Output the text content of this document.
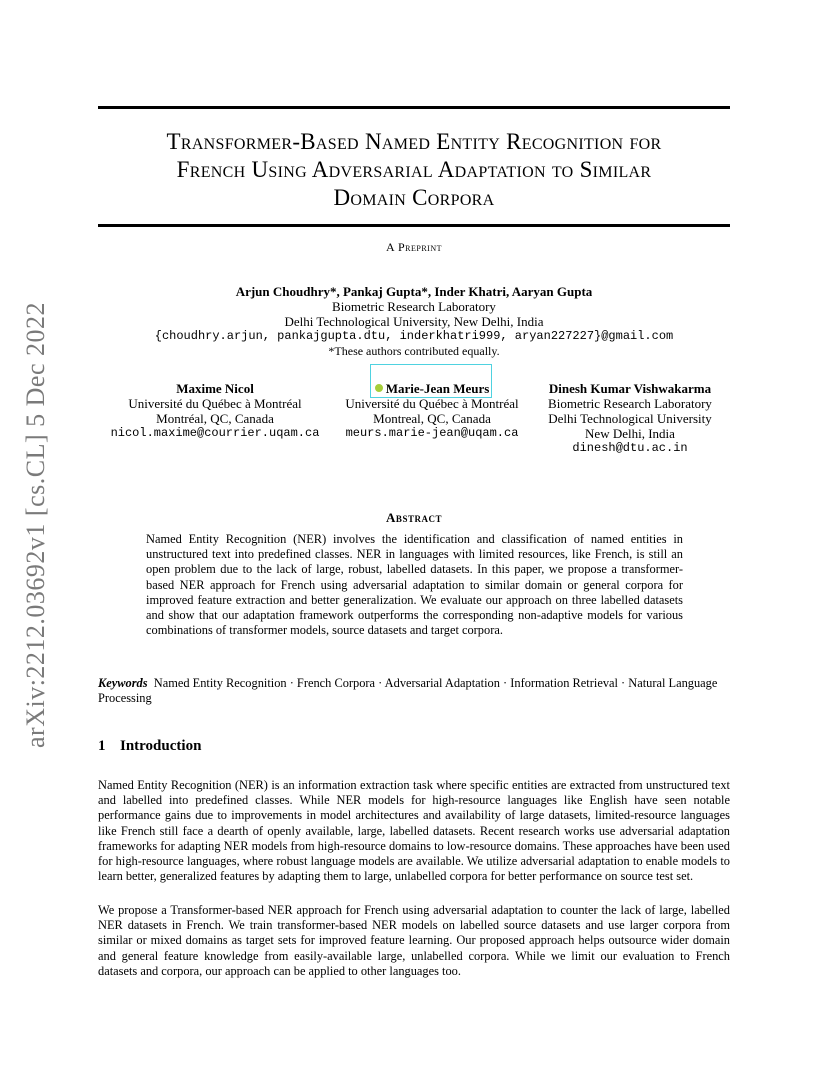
arXiv:2212.03692v1 [cs.CL] 5 Dec 2022
Transformer-Based Named Entity Recognition for
French Using Adversarial Adaptation to Similar
Domain Corpora
A Preprint
Arjun Choudhry*, Pankaj Gupta*, Inder Khatri, Aaryan Gupta
Biometric Research Laboratory
Delhi Technological University, New Delhi, India
{choudhry.arjun, pankajgupta.dtu, inderkhatri999, aryan227227}@gmail.com
*These authors contributed equally.
Maxime Nicol
Université du Québec à Montréal
Montréal, QC, Canada
nicol.maxime@courrier.uqam.ca
Marie-Jean Meurs
Université du Québec à Montréal
Montreal, QC, Canada
meurs.marie-jean@uqam.ca
Dinesh Kumar Vishwakarma
Biometric Research Laboratory
Delhi Technological University
New Delhi, India
dinesh@dtu.ac.in
Abstract
Named Entity Recognition (NER) involves the identification and classification of named entities in unstructured text into predefined classes. NER in languages with limited resources, like French, is still an open problem due to the lack of large, robust, labelled datasets. In this paper, we propose a transformer-based NER approach for French using adversarial adaptation to similar domain or general corpora for improved feature extraction and better generalization. We evaluate our approach on three labelled datasets and show that our adaptation framework outperforms the corresponding non-adaptive models for various combinations of transformer models, source datasets and target corpora.
Keywords Named Entity Recognition · French Corpora · Adversarial Adaptation · Information Retrieval · Natural Language Processing
1 Introduction
Named Entity Recognition (NER) is an information extraction task where specific entities are extracted from unstructured text and labelled into predefined classes. While NER models for high-resource languages like English have seen notable performance gains due to improvements in model architectures and availability of large datasets, limited-resource languages like French still face a dearth of openly available, large, labelled datasets. Recent research works use adversarial adaptation frameworks for adapting NER models from high-resource domains to low-resource domains. These approaches have been used for high-resource languages, where robust language models are available. We utilize adversarial adaptation to enable models to learn better, generalized features by adapting them to large, unlabelled corpora for better performance on source test set.
We propose a Transformer-based NER approach for French using adversarial adaptation to counter the lack of large, labelled NER datasets in French. We train transformer-based NER models on labelled source datasets and use larger corpora from similar or mixed domains as target sets for improved feature learning. Our proposed approach helps outsource wider domain and general feature knowledge from easily-available large, unlabelled corpora. While we limit our evaluation to French datasets and corpora, our approach can be applied to other languages too.
